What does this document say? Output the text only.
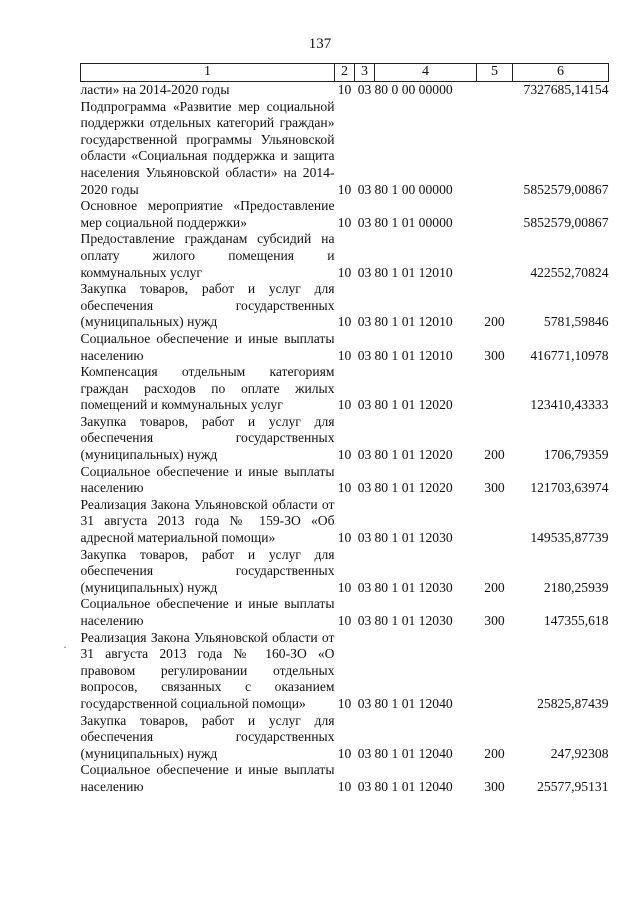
137
1	2	3	4	5	6
ласти» на 2014-2020 годы	10	03	80 0 00 00000		7327685,14154
Подпрограмма «Развитие мер социальной поддержки отдельных категорий граждан» государственной программы Ульяновской области «Социальная поддержка и защита населения Ульяновской области» на 2014-2020 годы	10	03	80 1 00 00000		5852579,00867
Основное мероприятие «Предоставление мер социальной поддержки»	10	03	80 1 01 00000		5852579,00867
Предоставление гражданам субсидий на оплату жилого помещения и коммунальных услуг	10	03	80 1 01 12010		422552,70824
Закупка товаров, работ и услуг для обеспечения государственных (муниципальных) нужд	10	03	80 1 01 12010	200	5781,59846
Социальное обеспечение и иные выплаты населению	10	03	80 1 01 12010	300	416771,10978
Компенсация отдельным категориям граждан расходов по оплате жилых помещений и коммунальных услуг	10	03	80 1 01 12020		123410,43333
Закупка товаров, работ и услуг для обеспечения государственных (муниципальных) нужд	10	03	80 1 01 12020	200	1706,79359
Социальное обеспечение и иные выплаты населению	10	03	80 1 01 12020	300	121703,63974
Реализация Закона Ульяновской области от 31 августа 2013 года № 159-ЗО «Об адресной материальной помощи»	10	03	80 1 01 12030		149535,87739
Закупка товаров, работ и услуг для обеспечения государственных (муниципальных) нужд	10	03	80 1 01 12030	200	2180,25939
Социальное обеспечение и иные выплаты населению	10	03	80 1 01 12030	300	147355,618
Реализация Закона Ульяновской области от 31 августа 2013 года № 160-ЗО «О правовом регулировании отдельных вопросов, связанных с оказанием государственной социальной помощи»	10	03	80 1 01 12040		25825,87439
Закупка товаров, работ и услуг для обеспечения государственных (муниципальных) нужд	10	03	80 1 01 12040	200	247,92308
Социальное обеспечение и иные выплаты населению	10	03	80 1 01 12040	300	25577,95131
·
